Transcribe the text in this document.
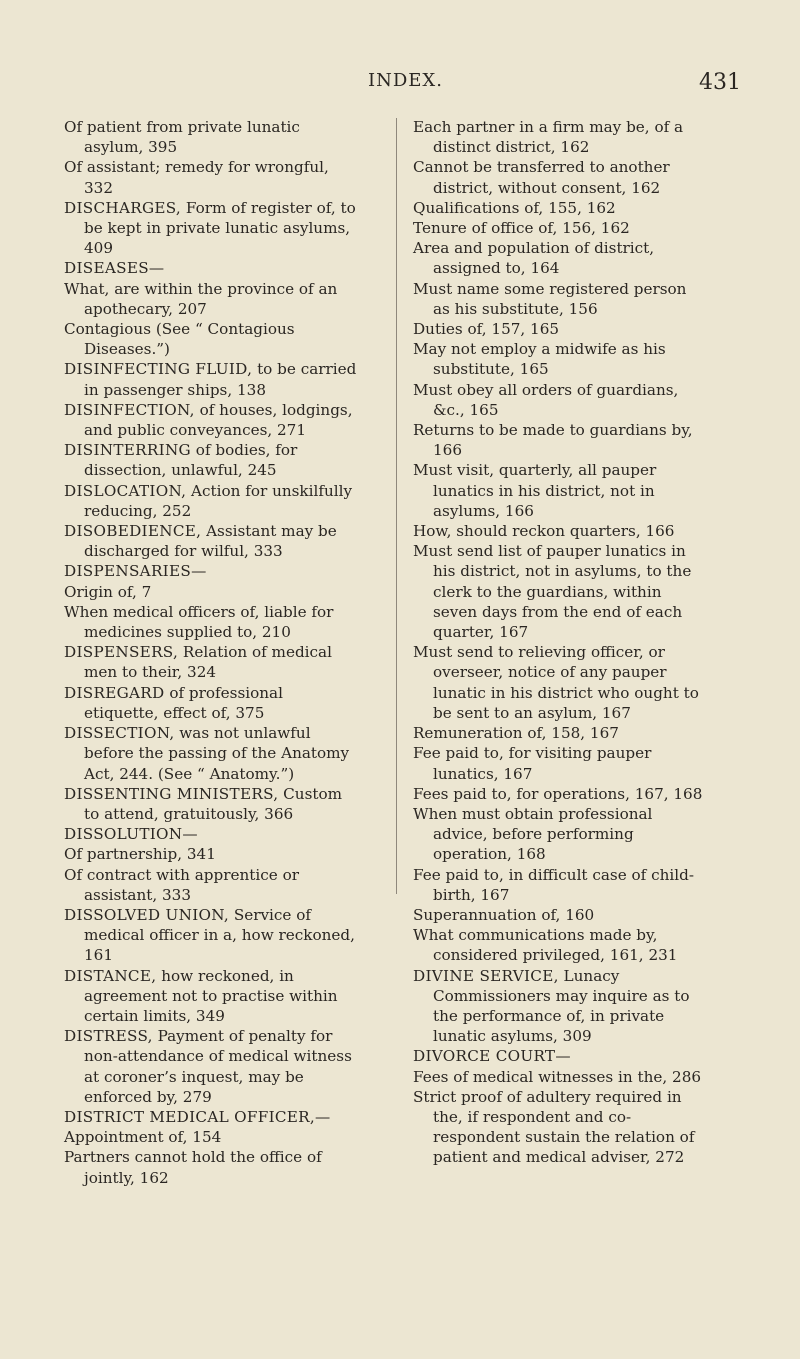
INDEX.	431

Of patient from private lunatic asylum, 395

Of assistant; remedy for wrongful, 332

DISCHARGES, Form of register of, to be kept in private lunatic asylums, 409

DISEASES—

What, are within the province of an apothecary, 207

Contagious (See “ Contagious Diseases.”)

DISINFECTING FLUID, to be carried in passenger ships, 138

DISINFECTION, of houses, lodgings, and public conveyances, 271

DISINTERRING of bodies, for dissection, unlawful, 245

DISLOCATION, Action for unskilfully reducing, 252

DISOBEDIENCE, Assistant may be discharged for wilful, 333

DISPENSARIES—

Origin of, 7

When medical officers of, liable for medicines supplied to, 210

DISPENSERS, Relation of medical men to their, 324

DISREGARD of professional etiquette, effect of, 375

DISSECTION, was not unlawful before the passing of the Anatomy Act, 244. (See “ Anatomy.”)

DISSENTING MINISTERS, Custom to attend, gratuitously, 366

DISSOLUTION—

Of partnership, 341

Of contract with apprentice or assistant, 333

DISSOLVED UNION, Service of medical officer in a, how reckoned, 161

DISTANCE, how reckoned, in agreement not to practise within certain limits, 349

DISTRESS, Payment of penalty for non-attendance of medical witness at coroner’s inquest, may be enforced by, 279

DISTRICT MEDICAL OFFICER,—

Appointment of, 154

Partners cannot hold the office of jointly, 162

Each partner in a firm may be, of a distinct district, 162

Cannot be transferred to another district, without consent, 162

Qualifications of, 155, 162

Tenure of office of, 156, 162

Area and population of district, assigned to, 164

Must name some registered person as his substitute, 156

Duties of, 157, 165

May not employ a midwife as his substitute, 165

Must obey all orders of guardians, &c., 165

Returns to be made to guardians by, 166

Must visit, quarterly, all pauper lunatics in his district, not in asylums, 166

How, should reckon quarters, 166

Must send list of pauper lunatics in his district, not in asylums, to the clerk to the guardians, within seven days from the end of each quarter, 167

Must send to relieving officer, or overseer, notice of any pauper lunatic in his district who ought to be sent to an asylum, 167

Remuneration of, 158, 167

Fee paid to, for visiting pauper lunatics, 167

Fees paid to, for operations, 167, 168

When must obtain professional advice, before performing operation, 168

Fee paid to, in difficult case of child-birth, 167

Superannuation of, 160

What communications made by, considered privileged, 161, 231

DIVINE SERVICE, Lunacy Commissioners may inquire as to the performance of, in private lunatic asylums, 309

DIVORCE COURT—

Fees of medical witnesses in the, 286

Strict proof of adultery required in the, if respondent and co-respondent sustain the relation of patient and medical adviser, 272
